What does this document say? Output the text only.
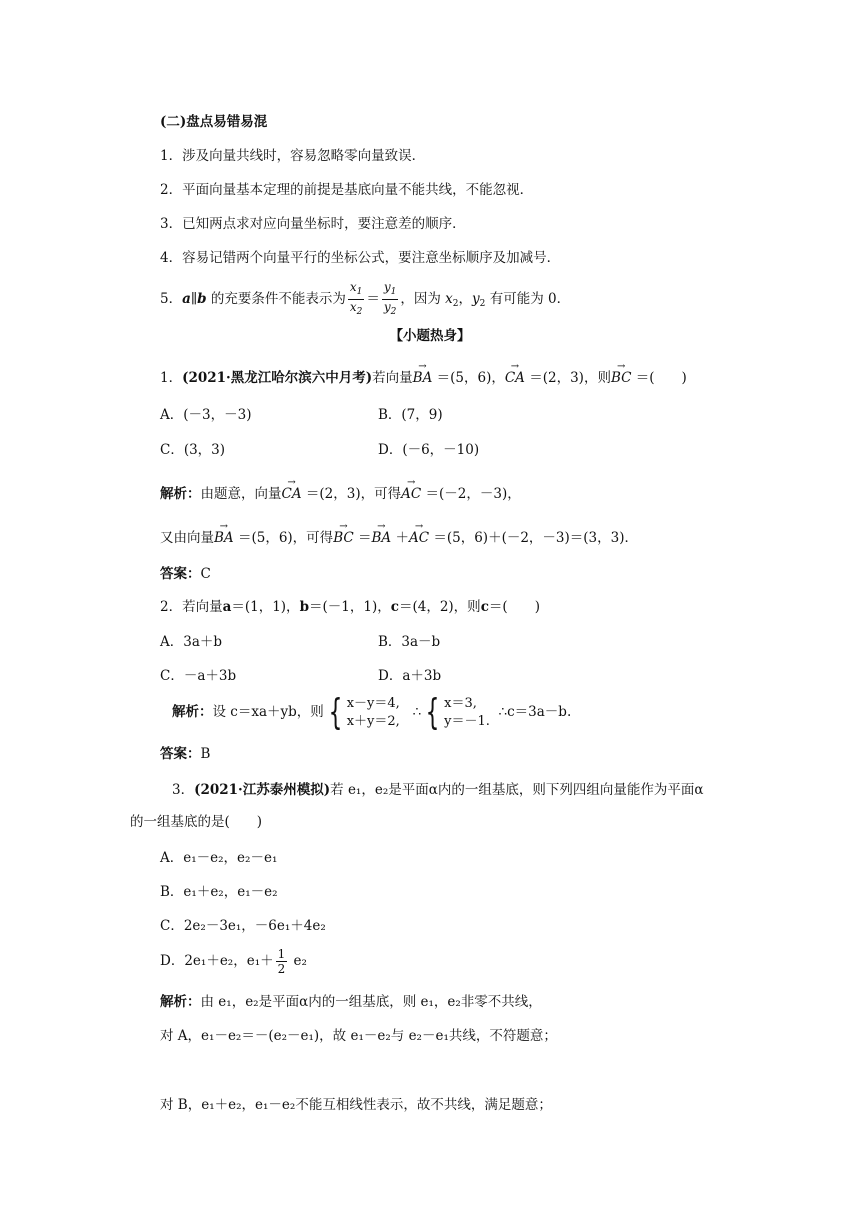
(二)盘点易错易混
1．涉及向量共线时，容易忽略零向量致误．
2．平面向量基本定理的前提是基底向量不能共线，不能忽视．
3．已知两点求对应向量坐标时，要注意差的顺序．
4．容易记错两个向量平行的坐标公式，要注意坐标顺序及加减号．
5．a∥b 的充要条件不能表示为 $\frac{x_1}{x_2} = \frac{y_1}{y_2}$ ，因为 $x_2$，$y_2$ 有可能为 0．
【小题热身】
1．(2021·黑龙江哈尔滨六中月考)若向量→ BA ＝(5，6)，→ CA ＝(2，3)，则→ BC ＝(　　)
A．(－3，－3)	B．(7，9)
C．(3，3)	D．(－6，－10)
解析：由题意，向量→ CA ＝(2，3)，可得→ AC ＝(－2，－3)，
又由向量→ BA ＝(5，6)，可得→ BC ＝→ BA ＋→ AC ＝(5，6)＋(－2，－3)＝(3，3)．
答案：C
2．若向量a＝(1，1)，b＝(－1，1)，c＝(4，2)，则c＝(　　)
A．3a＋b	B．3a－b
C．－a＋3b	D．a＋3b
解析：设 c＝xa＋yb，则 { x－y＝4,
x＋y＝2,
∴ { x＝3,
y＝－1.
∴c＝3a－b.
答案：B
3．(2021·江苏泰州模拟)若 e₁，e₂是平面α内的一组基底，则下列四组向量能作为平面α
的一组基底的是(　　)
A．e₁－e₂，e₂－e₁
B．e₁＋e₂，e₁－e₂
C．2e₂－3e₁，－6e₁＋4e₂
D．2e₁＋e₂，$e_1+ \frac{1}{2} e_2$
解析：由 e₁，e₂是平面α内的一组基底，则 e₁，e₂非零不共线，
对 A，e₁－e₂＝－(e₂－e₁)，故 e₁－e₂与 e₂－e₁共线，不符题意；
对 B，e₁＋e₂，e₁－e₂不能互相线性表示，故不共线，满足题意；
